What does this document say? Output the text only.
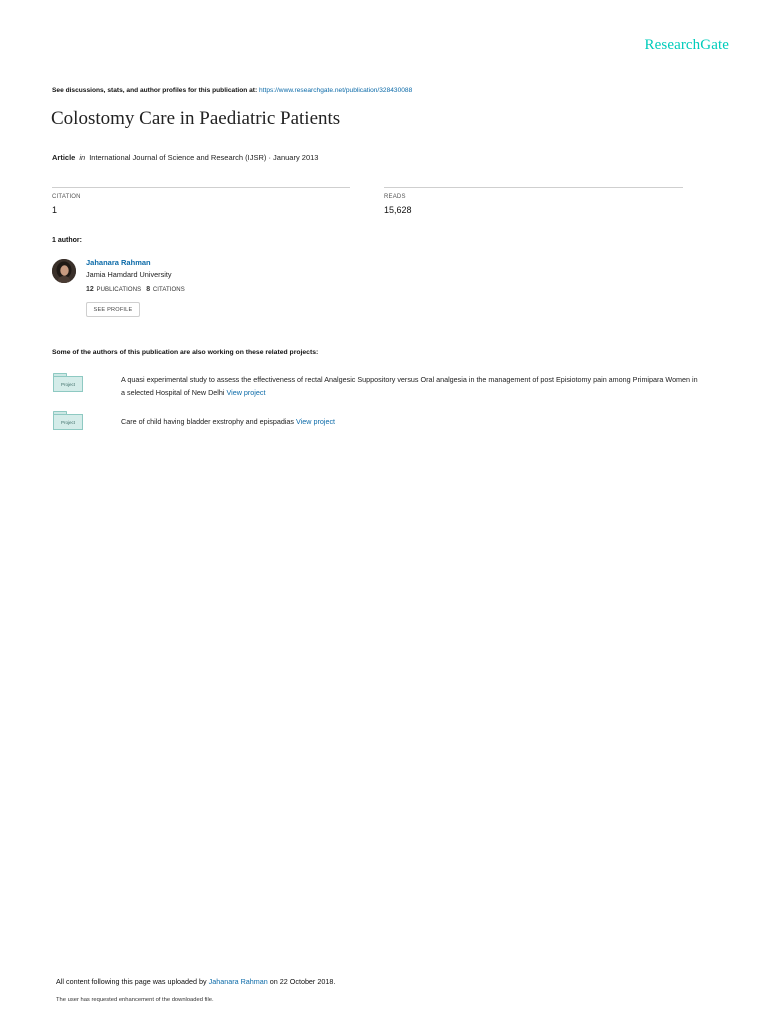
ResearchGate
See discussions, stats, and author profiles for this publication at: https://www.researchgate.net/publication/328430088
Colostomy Care in Paediatric Patients
Article in International Journal of Science and Research (IJSR) · January 2013
CITATION
1
READS
15,628
1 author:
Jahanara Rahman
Jamia Hamdard University
12 PUBLICATIONS 8 CITATIONS
SEE PROFILE
Some of the authors of this publication are also working on these related projects:
Project
A quasi experimental study to assess the effectiveness of rectal Analgesic Suppository versus Oral analgesia in the management of post Episiotomy pain among Primipara Women in a selected Hospital of New Delhi View project
Project	Care of child having bladder exstrophy and epispadias View project
All content following this page was uploaded by Jahanara Rahman on 22 October 2018.
The user has requested enhancement of the downloaded file.
